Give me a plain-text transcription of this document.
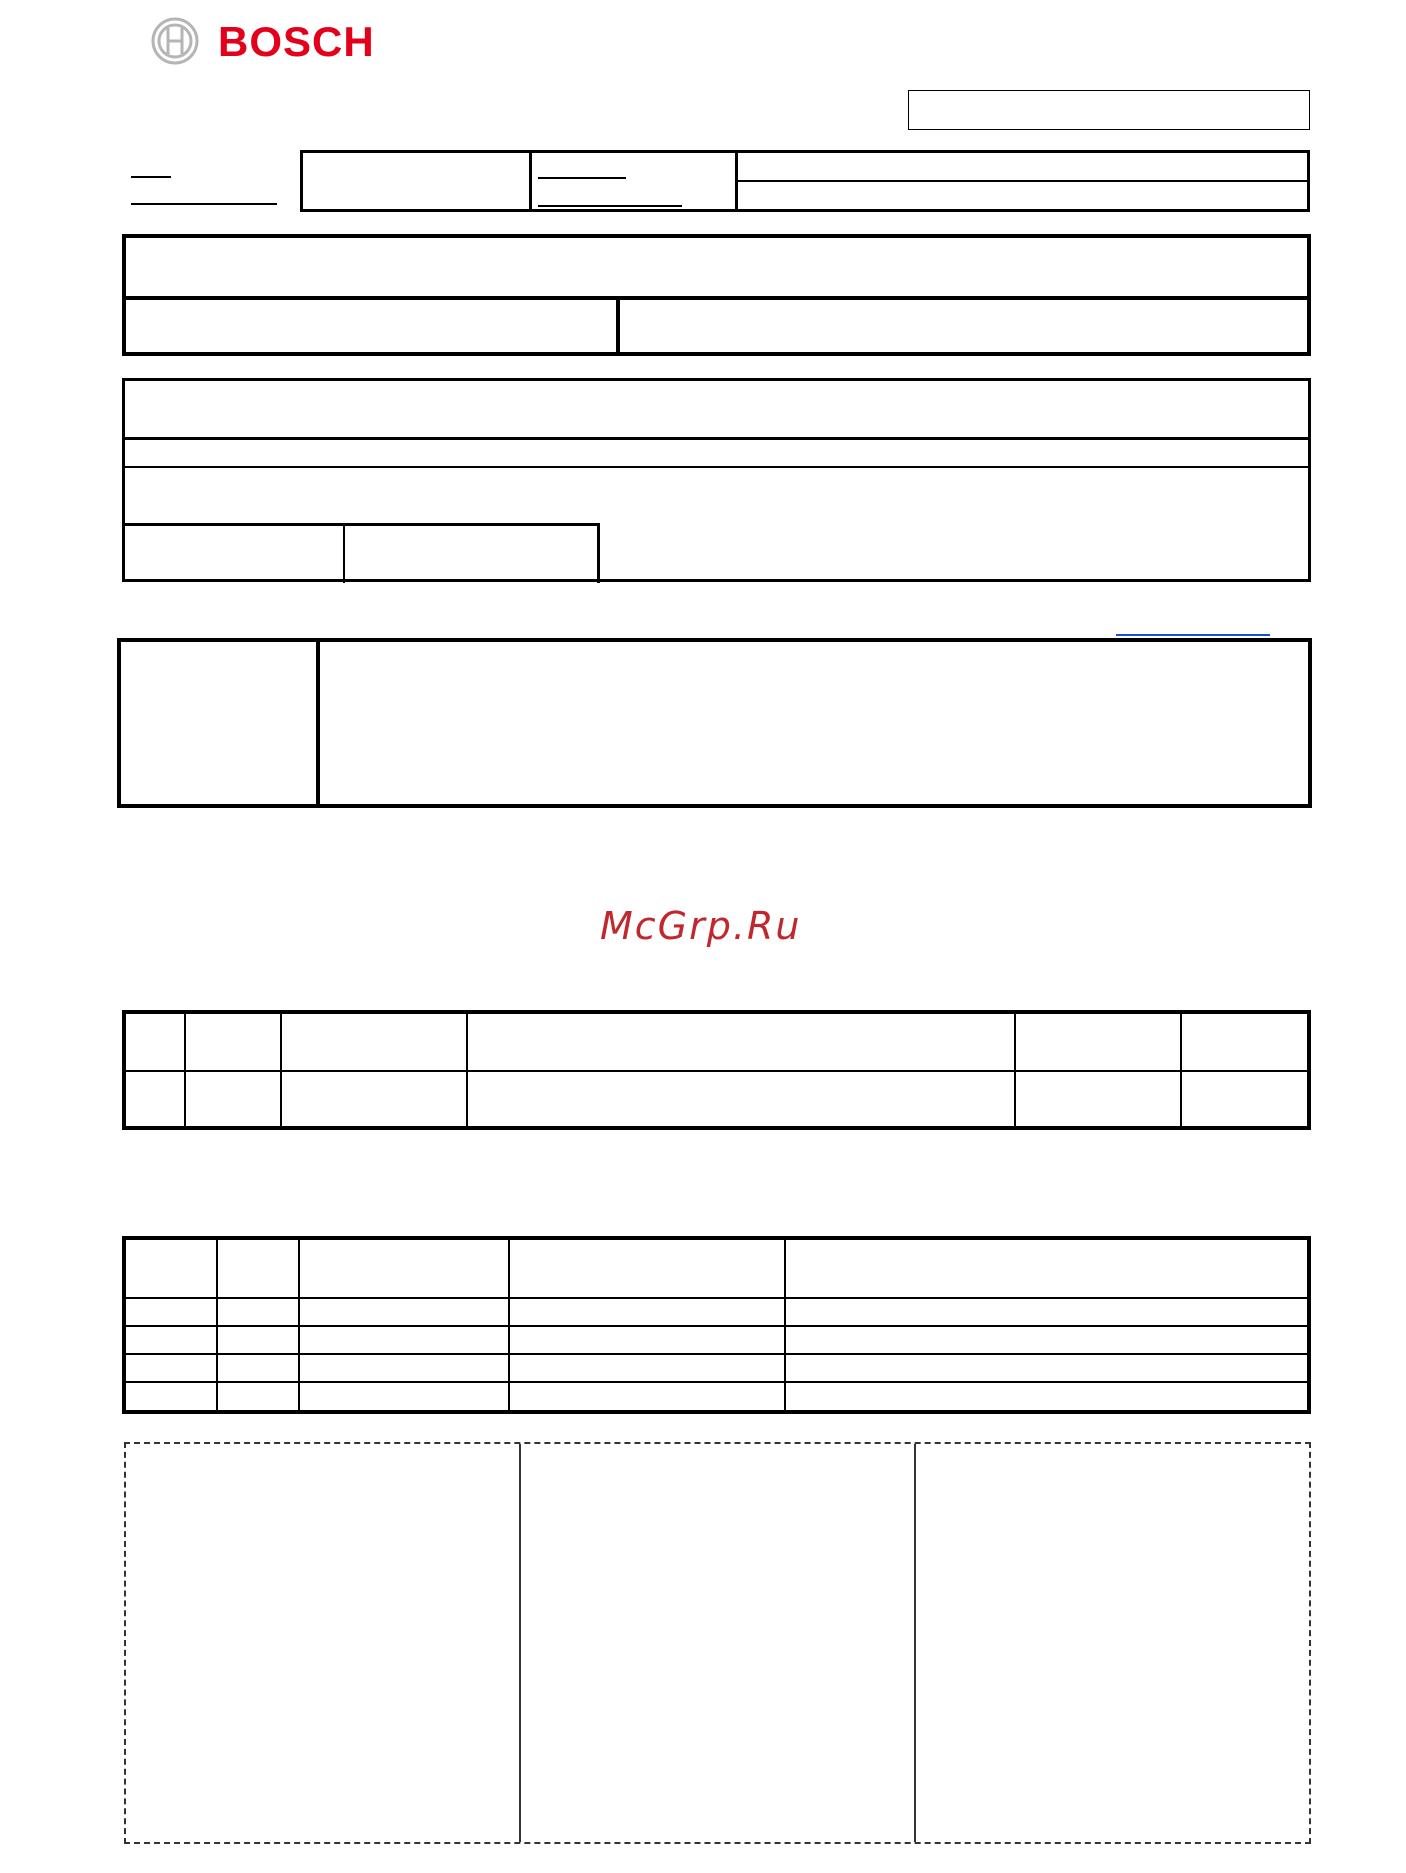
BOSCH
McGrp.Ru
